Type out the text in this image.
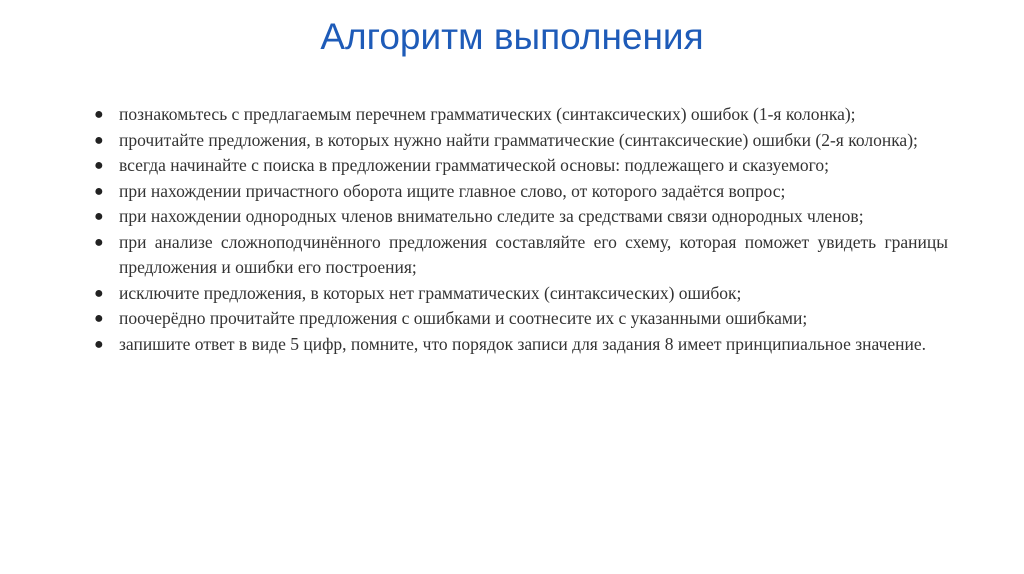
Алгоритм выполнения
● познакомьтесь с предлагаемым перечнем грамматических (синтаксических) ошибок (1-я колонка);
● прочитайте предложения, в которых нужно найти грамматические (синтаксические) ошибки (2-я колонка);
● всегда начинайте с поиска в предложении грамматической основы: подлежащего и сказуемого;
● при нахождении причастного оборота ищите главное слово, от которого задаётся вопрос;
● при нахождении однородных членов внимательно следите за средствами связи однородных членов;
● при анализе сложноподчинённого предложения составляйте его схему, которая поможет увидеть границы предложения и ошибки его построения;
● исключите предложения, в которых нет грамматических (синтаксических) ошибок;
● поочерёдно прочитайте предложения с ошибками и соотнесите их с указанными ошибками;
● запишите ответ в виде 5 цифр, помните, что порядок записи для задания 8 имеет принципиальное значение.
